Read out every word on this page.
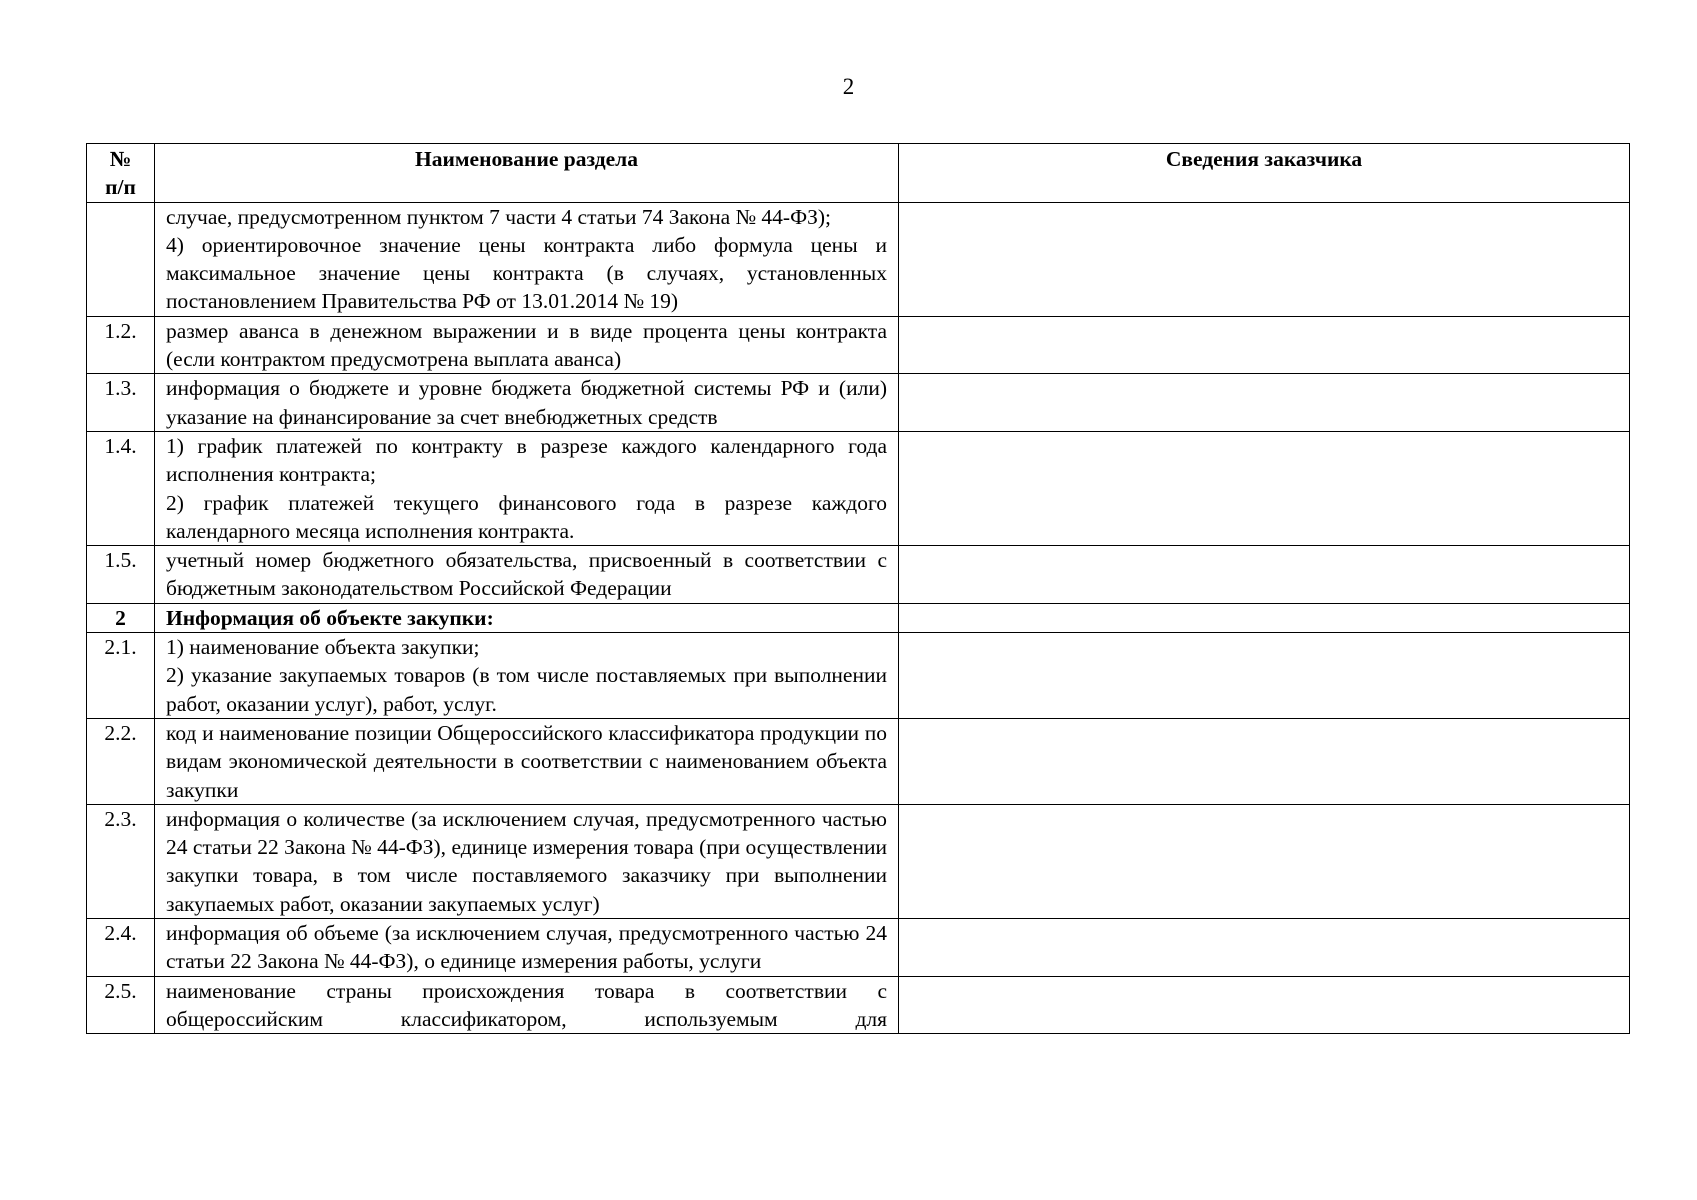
2
№
п/п	Наименование раздела	Сведения заказчика

	случае, предусмотренном пунктом 7 части 4 статьи 74 Закона № 44-ФЗ);

4) ориентировочное значение цены контракта либо формула цены и максимальное значение цены контракта (в случаях, установленных постановлением Правительства РФ от 13.01.2014 № 19)	

1.2.	размер аванса в денежном выражении и в виде процента цены контракта (если контрактом предусмотрена выплата аванса)	

1.3.	информация о бюджете и уровне бюджета бюджетной системы РФ и (или) указание на финансирование за счет внебюджетных средств	

1.4.	1) график платежей по контракту в разрезе каждого календарного года исполнения контракта;

2) график платежей текущего финансового года в разрезе каждого календарного месяца исполнения контракта.	

1.5.	учетный номер бюджетного обязательства, присвоенный в соответствии с бюджетным законодательством Российской Федерации	

2	Информация об объекте закупки:	

2.1.	1) наименование объекта закупки;

2) указание закупаемых товаров (в том числе поставляемых при выполнении работ, оказании услуг), работ, услуг.	

2.2.	код и наименование позиции Общероссийского классификатора продукции по видам экономической деятельности в соответствии с наименованием объекта закупки	

2.3.	информация о количестве (за исключением случая, предусмотренного частью 24 статьи 22 Закона № 44-ФЗ), единице измерения товара (при осуществлении закупки товара, в том числе поставляемого заказчику при выполнении закупаемых работ, оказании закупаемых услуг)	

2.4.	информация об объеме (за исключением случая, предусмотренного частью 24 статьи 22 Закона № 44-ФЗ), о единице измерения работы, услуги	

2.5.	наименование страны происхождения товара в соответствии с общероссийским классификатором, используемым для	
